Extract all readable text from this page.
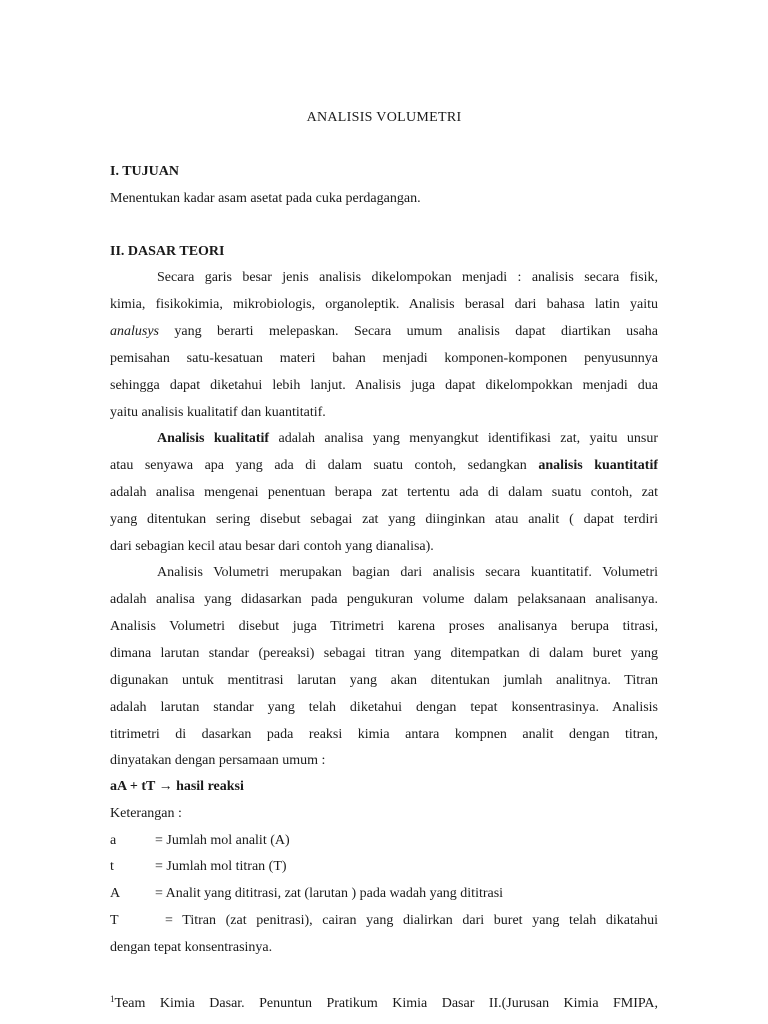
ANALISIS VOLUMETRI
I. TUJUAN
Menentukan kadar asam asetat pada cuka perdagangan.
II. DASAR TEORI
Secara garis besar jenis analisis dikelompokan menjadi : analisis secara fisik,
kimia, fisikokimia, mikrobiologis, organoleptik. Analisis berasal dari bahasa latin yaitu
analusys yang berarti melepaskan. Secara umum analisis dapat diartikan usaha
pemisahan satu-kesatuan materi bahan menjadi komponen-komponen penyusunnya
sehingga dapat diketahui lebih lanjut. Analisis juga dapat dikelompokkan menjadi dua
yaitu analisis kualitatif dan kuantitatif.
Analisis kualitatif adalah analisa yang menyangkut identifikasi zat, yaitu unsur
atau senyawa apa yang ada di dalam suatu contoh, sedangkan analisis kuantitatif
adalah analisa mengenai penentuan berapa zat tertentu ada di dalam suatu contoh, zat
yang ditentukan sering disebut sebagai zat yang diinginkan atau analit ( dapat terdiri
dari sebagian kecil atau besar dari contoh yang dianalisa).
Analisis Volumetri merupakan bagian dari analisis secara kuantitatif. Volumetri
adalah analisa yang didasarkan pada pengukuran volume dalam pelaksanaan analisanya.
Analisis Volumetri disebut juga Titrimetri karena proses analisanya berupa titrasi,
dimana larutan standar (pereaksi) sebagai titran yang ditempatkan di dalam buret yang
digunakan untuk mentitrasi larutan yang akan ditentukan jumlah analitnya. Titran
adalah larutan standar yang telah diketahui dengan tepat konsentrasinya. Analisis
titrimetri di dasarkan pada reaksi kimia antara kompnen analit dengan titran,
dinyatakan dengan persamaan umum :
aA + tT → hasil reaksi
Keterangan :
a	= Jumlah mol analit (A)
t	= Jumlah mol titran (T)
A = Analit yang dititrasi, zat (larutan ) pada wadah yang dititrasi
T	= Titran (zat penitrasi), cairan yang dialirkan dari buret yang telah dikatahui
dengan tepat konsentrasinya.
$^1$Team Kimia Dasar. Penuntun Pratikum Kimia Dasar II.(Jurusan Kimia FMIPA,
